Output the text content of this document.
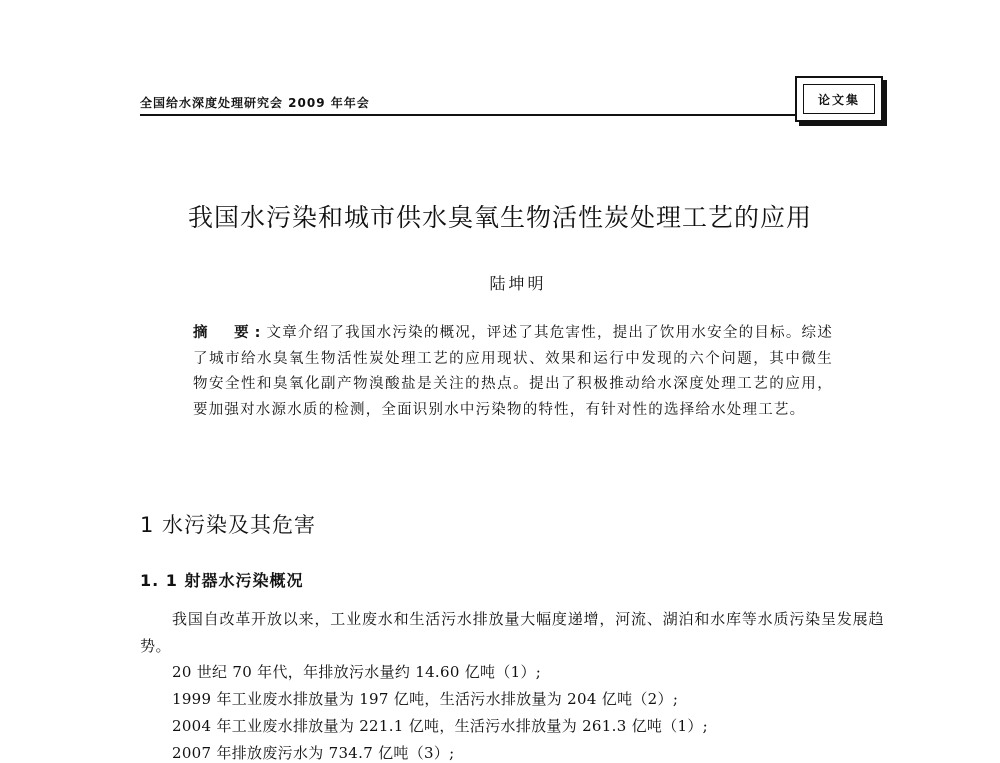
全国给水深度处理研究会 2009 年年会	论文集
我国水污染和城市供水臭氧生物活性炭处理工艺的应用
陆坤明
摘　要:文章介绍了我国水污染的概况，评述了其危害性，提出了饮用水安全的目标。综述了城市给水臭氧生物活性炭处理工艺的应用现状、效果和运行中发现的六个问题，其中微生物安全性和臭氧化副产物溴酸盐是关注的热点。提出了积极推动给水深度处理工艺的应用，要加强对水源水质的检测，全面识别水中污染物的特性，有针对性的选择给水处理工艺。
1 水污染及其危害
1. 1 射器水污染概况

我国自改革开放以来，工业废水和生活污水排放量大幅度递增，河流、湖泊和水库等水质污染呈发展趋势。

20 世纪 70 年代，年排放污水量约 14.60 亿吨（1）;
1999 年工业废水排放量为 197 亿吨，生活污水排放量为 204 亿吨（2）;
2004 年工业废水排放量为 221.1 亿吨，生活污水排放量为 261.3 亿吨（1）;
2007 年排放废污水为 734.7 亿吨（3）;
